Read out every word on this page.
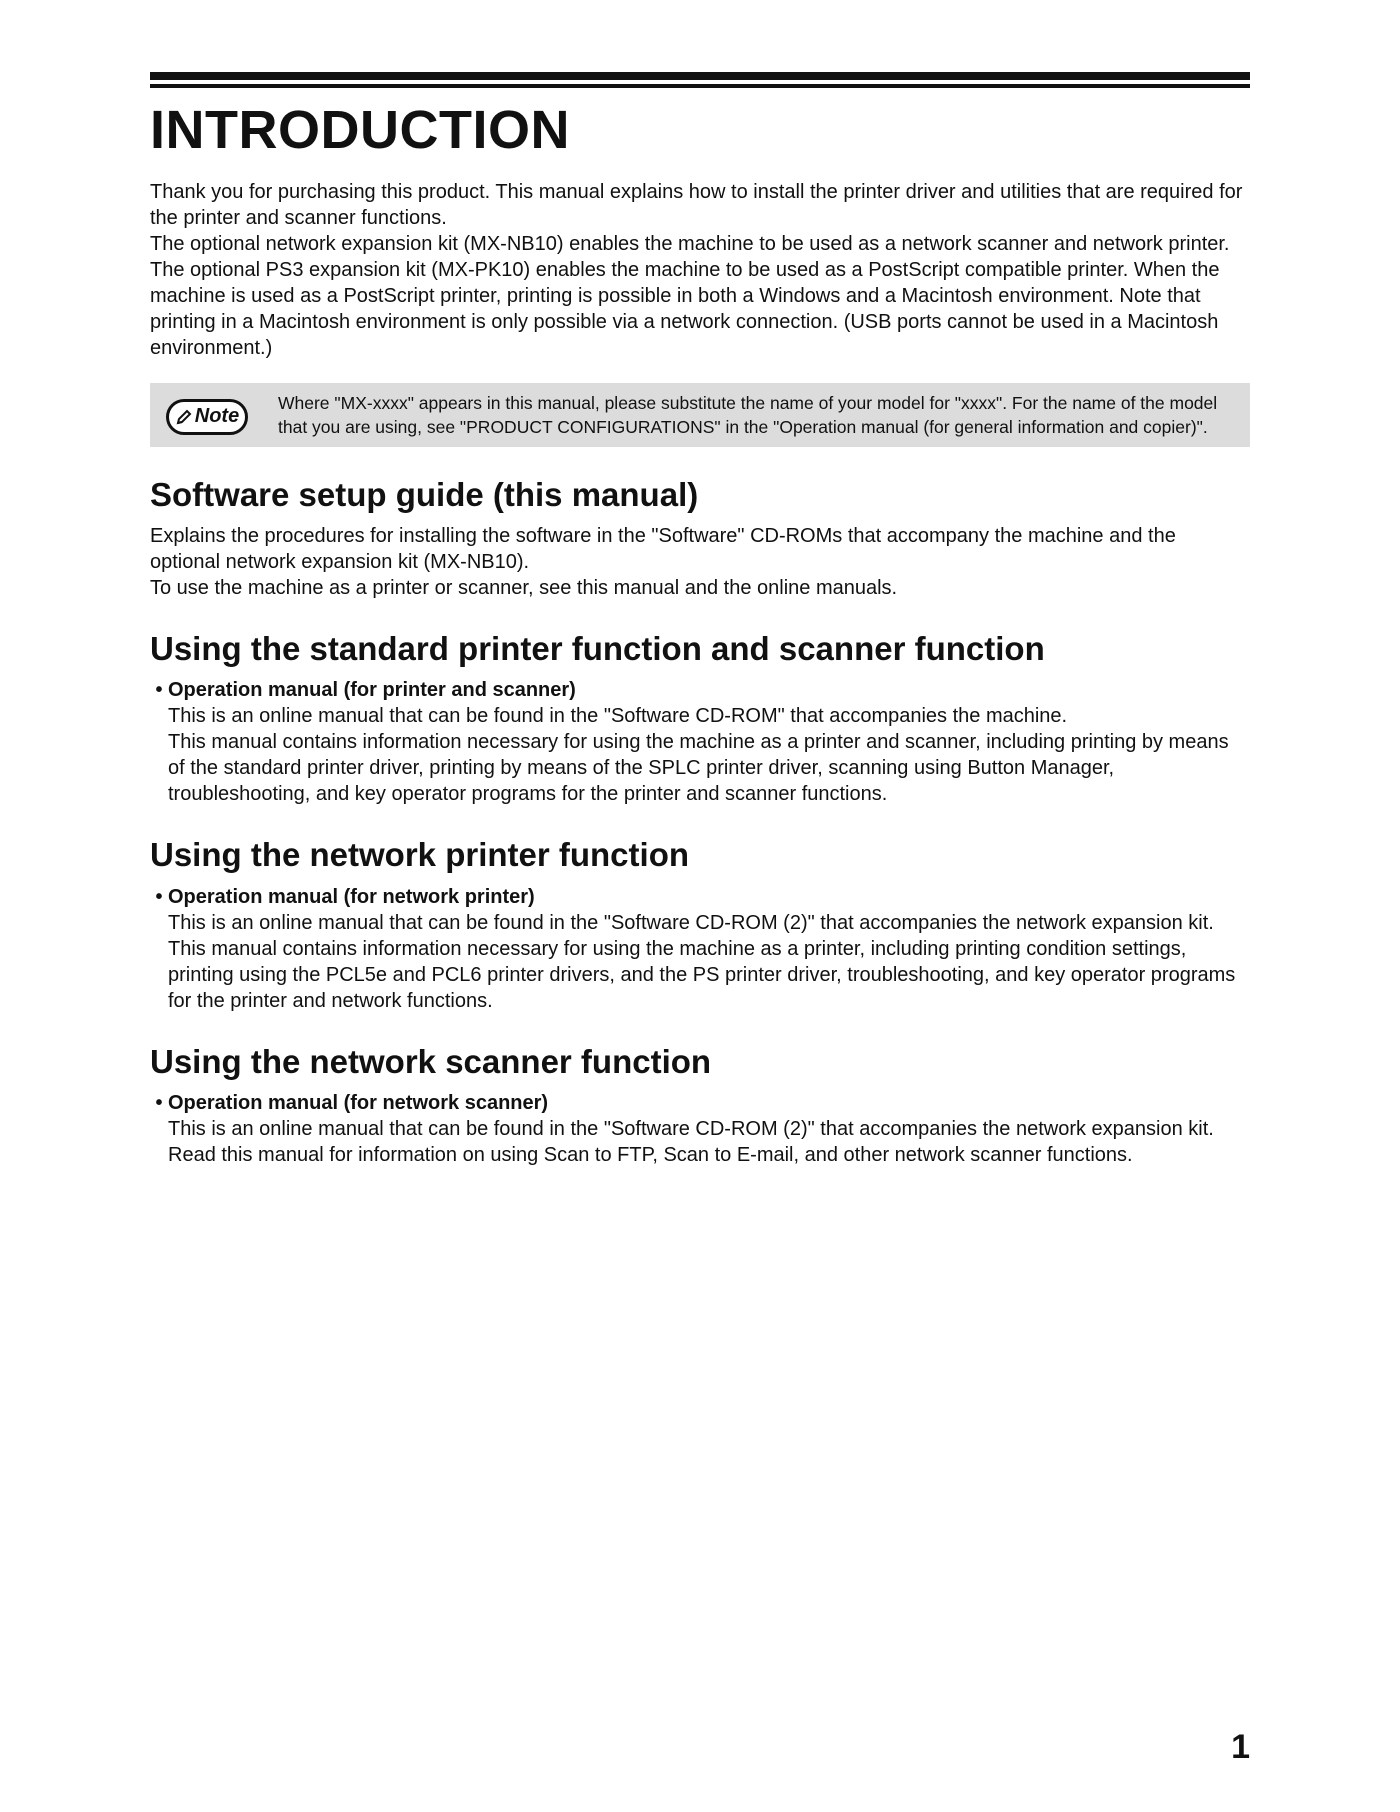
INTRODUCTION

Thank you for purchasing this product. This manual explains how to install the printer driver and utilities that are required for the printer and scanner functions.

The optional network expansion kit (MX-NB10) enables the machine to be used as a network scanner and network printer. The optional PS3 expansion kit (MX-PK10) enables the machine to be used as a PostScript compatible printer. When the machine is used as a PostScript printer, printing is possible in both a Windows and a Macintosh environment. Note that printing in a Macintosh environment is only possible via a network connection. (USB ports cannot be used in a Macintosh environment.)

Note
Where "MX-xxxx" appears in this manual, please substitute the name of your model for "xxxx". For the name of the model that you are using, see "PRODUCT CONFIGURATIONS" in the "Operation manual (for general information and copier)".
Software setup guide (this manual)

Explains the procedures for installing the software in the "Software" CD-ROMs that accompany the machine and the optional network expansion kit (MX-NB10).

To use the machine as a printer or scanner, see this manual and the online manuals.

Using the standard printer function and scanner function
• Operation manual (for printer and scanner)

This is an online manual that can be found in the "Software CD-ROM" that accompanies the machine.

This manual contains information necessary for using the machine as a printer and scanner, including printing by means of the standard printer driver, printing by means of the SPLC printer driver, scanning using Button Manager, troubleshooting, and key operator programs for the printer and scanner functions.

Using the network printer function
• Operation manual (for network printer)

This is an online manual that can be found in the "Software CD-ROM (2)" that accompanies the network expansion kit.

This manual contains information necessary for using the machine as a printer, including printing condition settings, printing using the PCL5e and PCL6 printer drivers, and the PS printer driver, troubleshooting, and key operator programs for the printer and network functions.

Using the network scanner function
• Operation manual (for network scanner)

This is an online manual that can be found in the "Software CD-ROM (2)" that accompanies the network expansion kit.

Read this manual for information on using Scan to FTP, Scan to E-mail, and other network scanner functions.

1
